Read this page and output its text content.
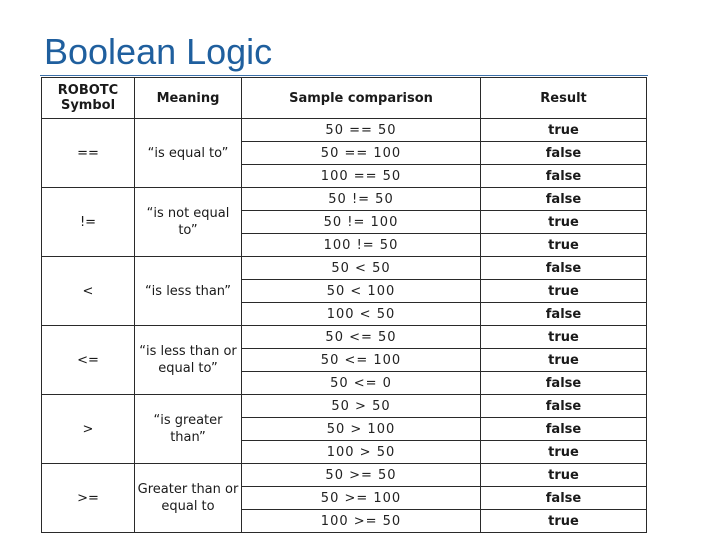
Boolean Logic
ROBOTC
Symbol	Meaning	Sample comparison	Result
==	“is equal to”	50 == 50	true
		50 == 100	false
		100 == 50	false
!=	“is not equal to”	50 != 50	false
		50 != 100	true
		100 != 50	true
<	“is less than”	50 < 50	false
		50 < 100	true
		100 < 50	false
<=	“is less than or equal to”	50 <= 50	true
		50 <= 100	true
		50 <= 0	false
>	“is greater than”	50 > 50	false
		50 > 100	false
		100 > 50	true
>=	Greater than or equal to	50 >= 50	true
		50 >= 100	false
		100 >= 50	true
